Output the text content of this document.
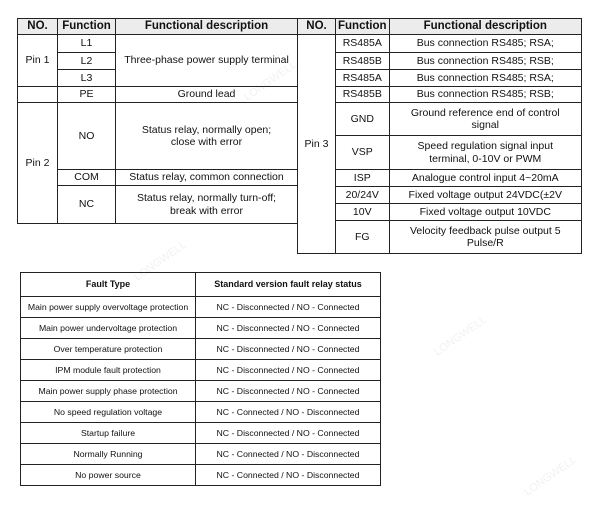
NO.	Function	Functional description
Pin 1	L1	Three-phase power supply terminal
	L2	
	L3	
	PE	Ground lead
Pin 2	NO	Status relay, normally open; close with error
	COM	Status relay, common connection
	NC	Status relay, normally turn-off; break with error
NO.	Function	Functional description
Pin 3	RS485A	Bus connection RS485; RSA;
	RS485B	Bus connection RS485; RSB;
	RS485A	Bus connection RS485; RSA;
	RS485B	Bus connection RS485; RSB;
	GND	Ground reference end of control signal
	VSP	Speed regulation signal input terminal, 0-10V or PWM
	ISP	Analogue control input 4~20mA
	20/24V	Fixed voltage output 24VDC(±2V
	10V	Fixed voltage output 10VDC
	FG	Velocity feedback pulse output 5 Pulse/R
Fault Type	Standard version fault relay status
Main power supply overvoltage protection	NC - Disconnected / NO - Connected
Main power undervoltage protection	NC - Disconnected / NO - Connected
Over temperature protection	NC - Disconnected / NO - Connected
IPM module fault protection	NC - Disconnected / NO - Connected
Main power supply phase protection	NC - Disconnected / NO - Connected
No speed regulation voltage	NC - Connected / NO - Disconnected
Startup failure	NC - Disconnected / NO - Connected
Normally Running	NC - Connected / NO - Disconnected
No power source	NC - Connected / NO - Disconnected
LONGWELL
LONGWELL
LONGWELL
LONGWELL
